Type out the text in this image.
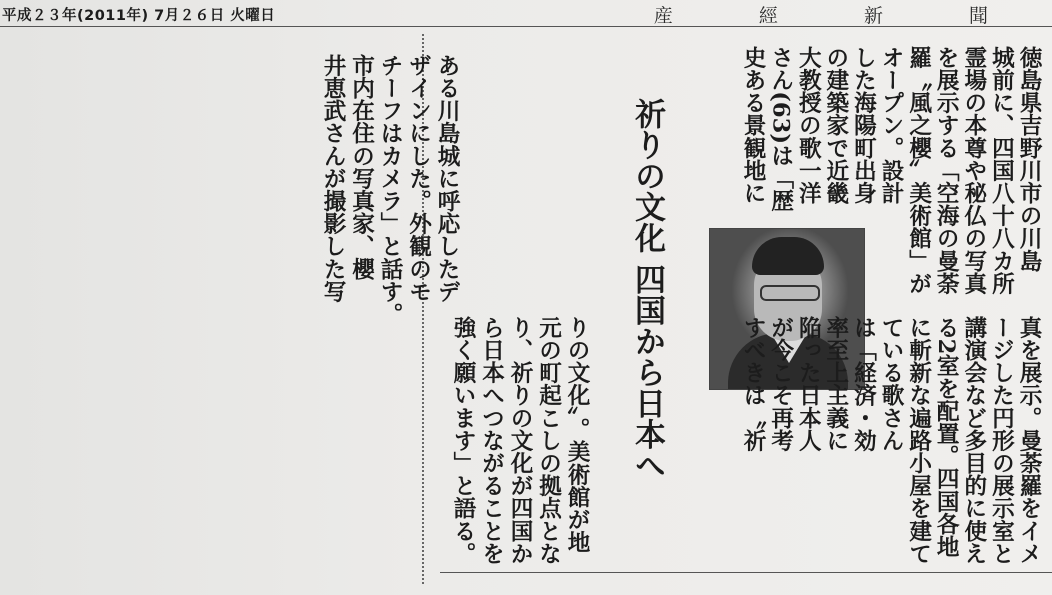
平成２３年(2011年) 7月２６日 火曜日	産 經 新 聞
徳島県吉野川市の川島
城前に、四国八十八カ所
霊場の本尊や秘仏の写真
を展示する「空海の曼荼
羅〝風之櫻〞美術館」が
オープン。設計
した海陽町出身
の建築家で近畿
大教授の歌一洋
さん(63)は「歴
史ある景観地に
真を展示。曼荼羅をイメ
ージした円形の展示室と
講演会など多目的に使え
る2室を配置。四国各地
に斬新な遍路小屋を建て
ている歌さん
は「経済・効
率至上主義に
陥った日本人
が今こそ再考
すべきは〝祈
祈りの文化 四国から日本へ
ある川島城に呼応したデ
ザインにした。外観のモ
チーフはカメラ」と話す。
市内在住の写真家、櫻
井恵武さんが撮影した写
りの文化〞。美術館が地
元の町起こしの拠点とな
り、祈りの文化が四国か
ら日本へつながることを
強く願います」と語る。
